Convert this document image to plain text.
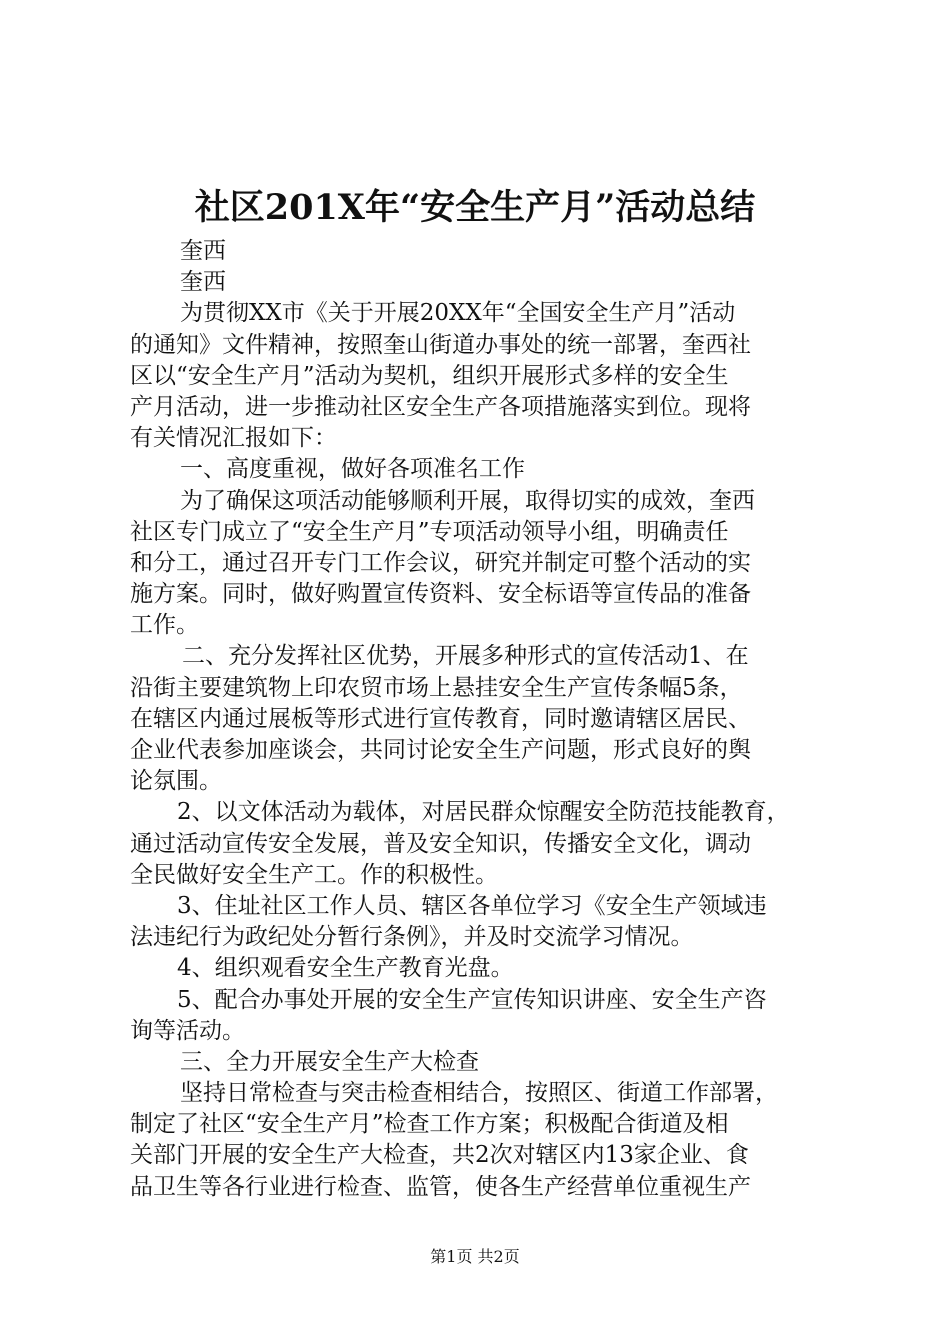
社区201X年“安全生产月”活动总结
奎西
奎西
为贯彻XX市《关于开展20XX年“全国安全生产月”活动
的通知》文件精神，按照奎山街道办事处的统一部署，奎西社
区以“安全生产月”活动为契机，组织开展形式多样的安全生
产月活动，进一步推动社区安全生产各项措施落实到位。现将
有关情况汇报如下：
一、高度重视，做好各项准名工作
为了确保这项活动能够顺利开展，取得切实的成效，奎西
社区专门成立了“安全生产月”专项活动领导小组，明确责任
和分工，通过召开专门工作会议，研究并制定可整个活动的实
施方案。同时，做好购置宣传资料、安全标语等宣传品的准备
工作。
二、充分发挥社区优势，开展多种形式的宣传活动1、在
沿街主要建筑物上印农贸市场上悬挂安全生产宣传条幅5条，
在辖区内通过展板等形式进行宣传教育，同时邀请辖区居民、
企业代表参加座谈会，共同讨论安全生产问题，形式良好的舆
论氛围。
2、以文体活动为载体，对居民群众惊醒安全防范技能教育，
通过活动宣传安全发展，普及安全知识，传播安全文化，调动
全民做好安全生产工。作的积极性。
3、住址社区工作人员、辖区各单位学习《安全生产领域违
法违纪行为政纪处分暂行条例》，并及时交流学习情况。
4、组织观看安全生产教育光盘。
5、配合办事处开展的安全生产宣传知识讲座、安全生产咨
询等活动。
三、全力开展安全生产大检查
坚持日常检查与突击检查相结合，按照区、街道工作部署，
制定了社区“安全生产月”检查工作方案；积极配合街道及相
关部门开展的安全生产大检查，共2次对辖区内13家企业、食
品卫生等各行业进行检查、监管，使各生产经营单位重视生产
第1页 共2页
